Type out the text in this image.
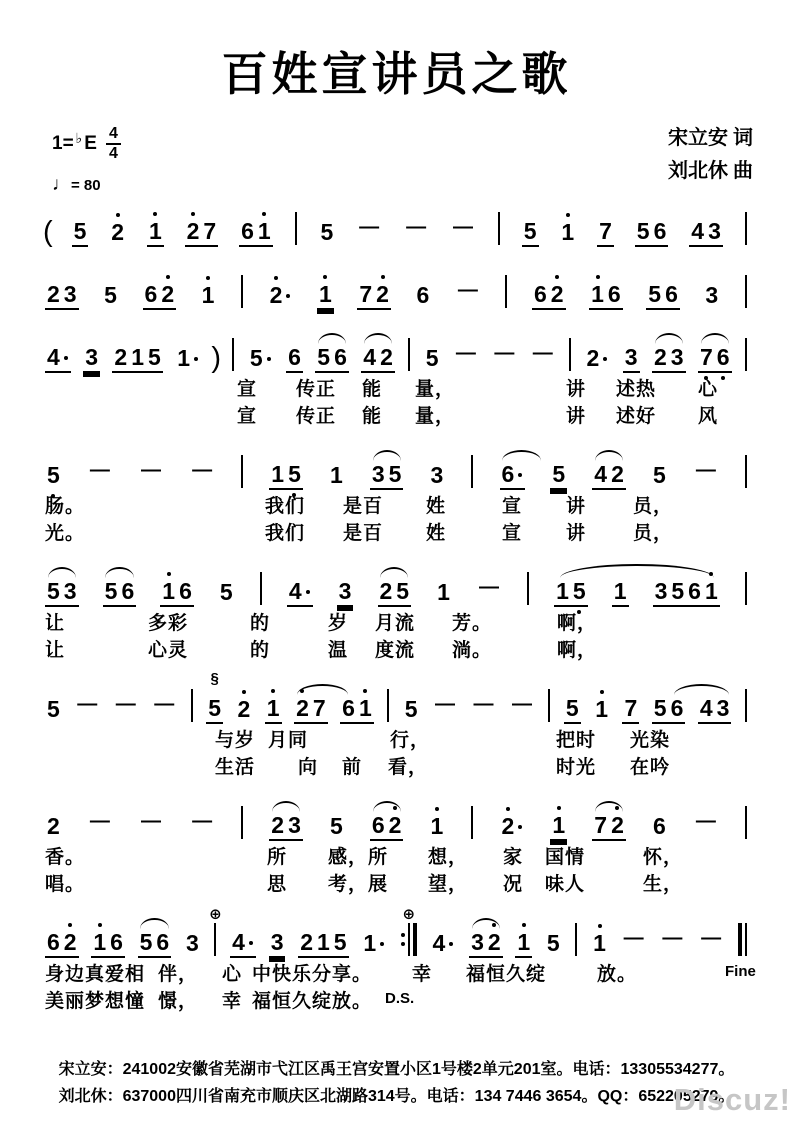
百姓宣讲员之歌
1= ♭ E $\frac{4}{4}$
♩= 80
宋立安 词
刘北休 曲
( 5 2 1 2 7 6 1 5 — — — 5 1 7 5 6 4 3
2 3 5 6 2 1 2 1 7 2 6 — 6 2 1 6 5 6 3
4 3 2 1 5 1 ) 5 6 5 6 4 2 5 — — — 2 3 2 3 7 6
宣 传正 能 量，	讲 述热 心
宣 传正 能 量，	讲 述好 风
5 — — —	1 5 1 3 5 3	6 5 4 2 5 —
肠。	我们 是百 姓	宣 讲 员，
光。	我们 是百 姓	宣 讲 员，
5 3 5 6 1 6 5 4 3 2 5 1 — 1 5 1 3 5 6 1
让	多彩	的	岁 月流 芳。	啊，
让	心灵	的	温 度流 淌。	啊，
5 — — —
§
5 2 1 2 7 6 1 5 — — — 5 1 7 5 6 4 3
与岁 月同	行，	把时 光染
生活 向 前 看，	时光 在吟
2 — — —	2 3 5 6 2 1	2 1 7 2 6 —
香。	所 感，所 想， 家 国情	怀，
唱。	思 考，展 望， 况 味人	生，
6 2 1 6 5 6 3
⊕
4 3 2 1 5 1
⊕
4 3 2 1 5 1 — — —
身边真爱相 伴， 心 中快乐分享。 幸 福恒久绽	放。	Fine
美丽梦想憧 憬， 幸 福恒久绽放。 D.S.
宋立安：241002安徽省芜湖市弋江区禹王宫安置小区1号楼2单元201室。电话：13305534277。
刘北休：637000四川省南充市顺庆区北湖路314号。电话：134 7446 3654。QQ：652205279。
Discuz!
